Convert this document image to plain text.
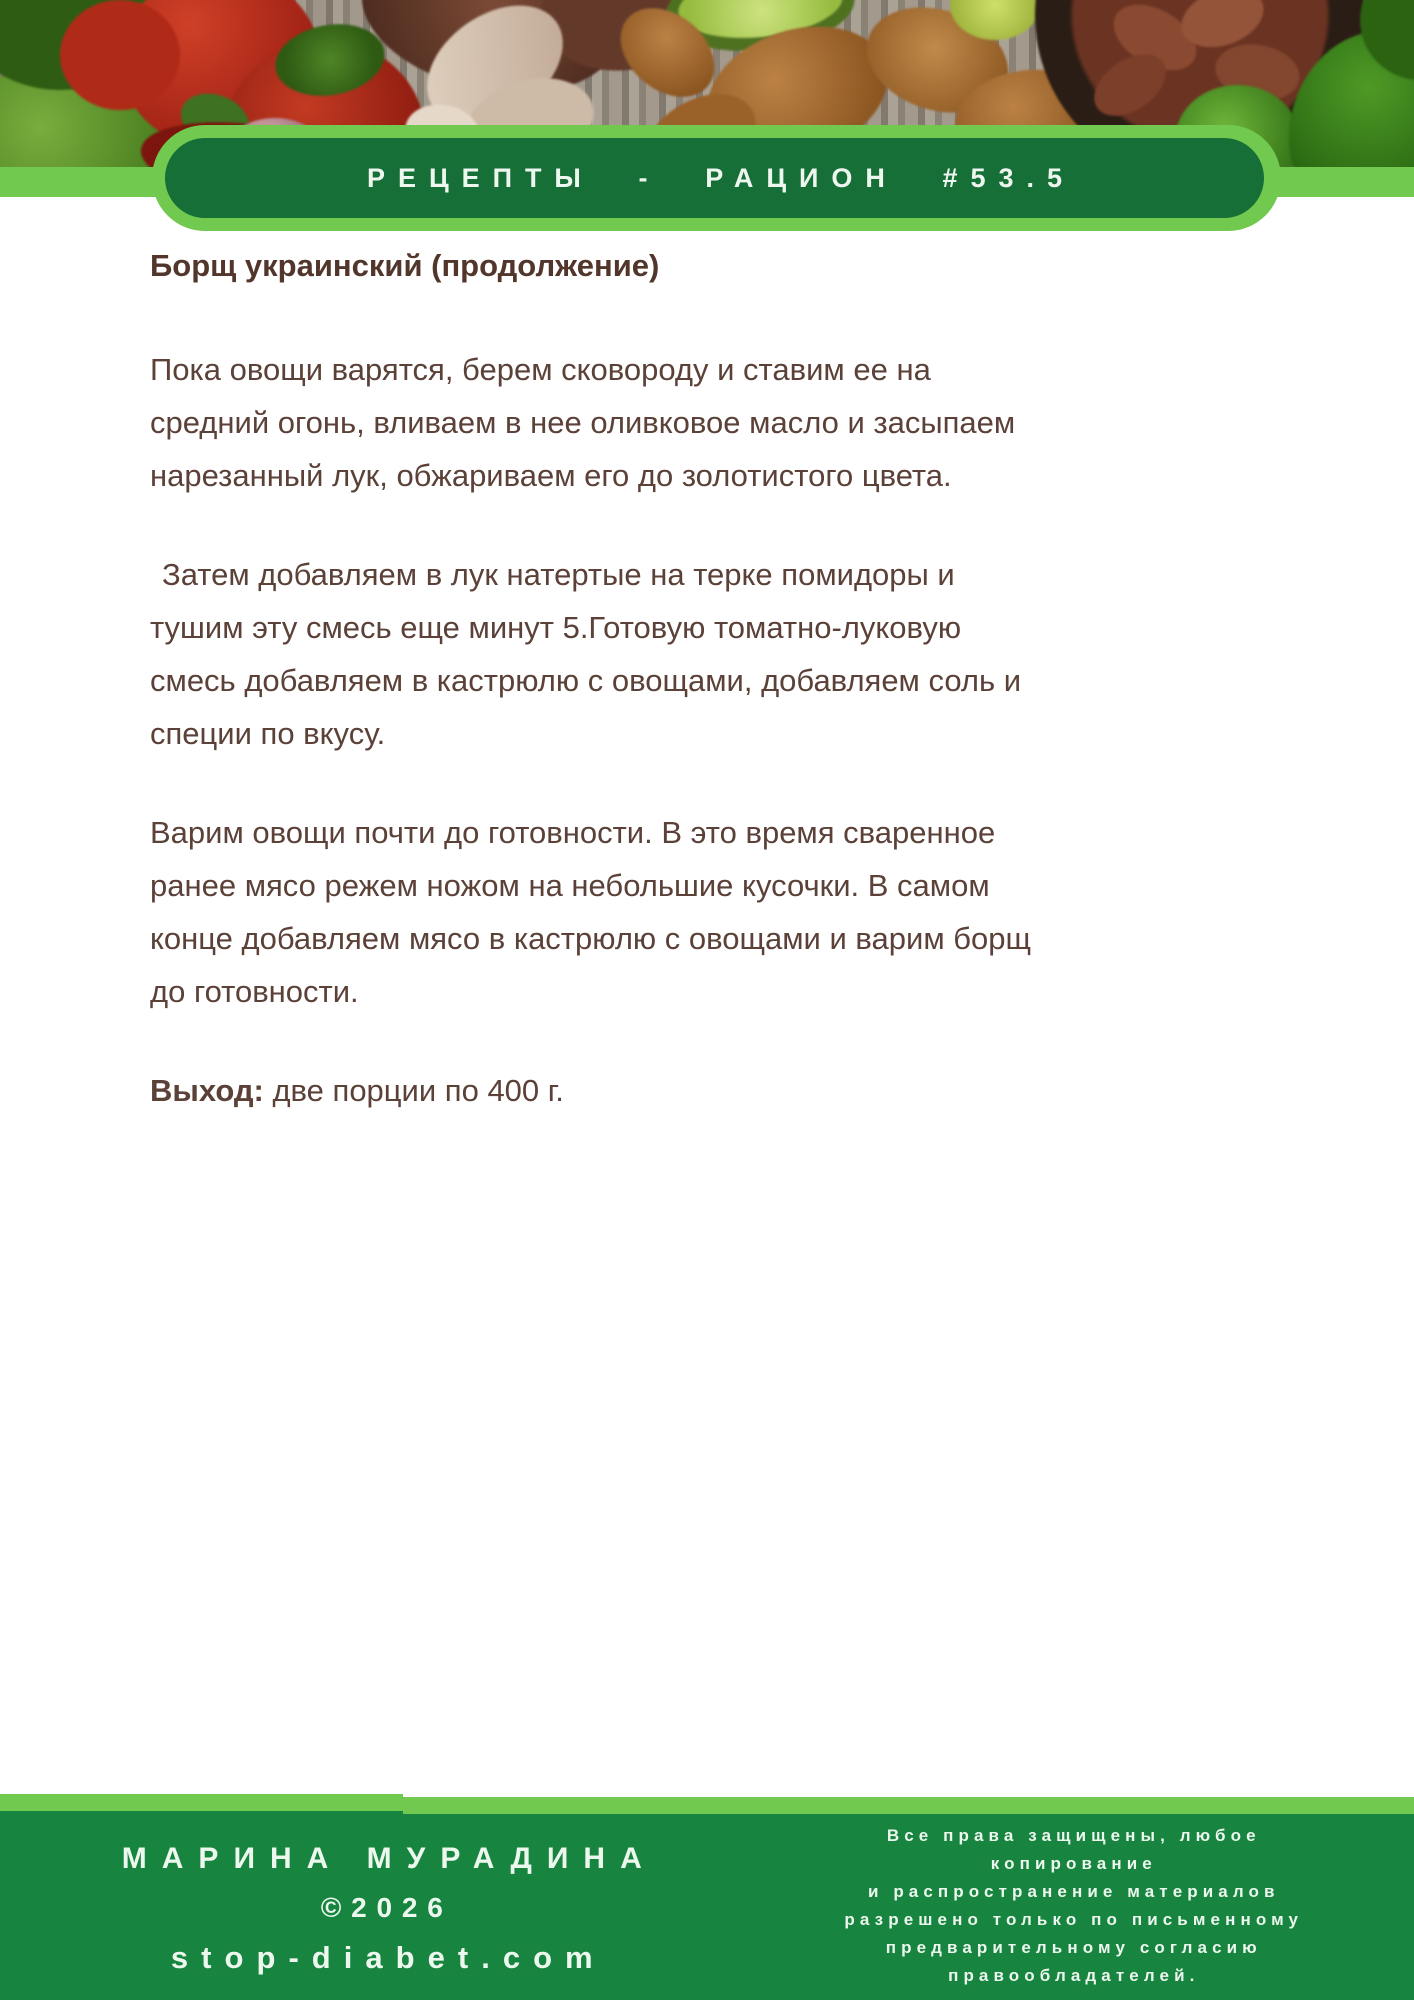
РЕЦЕПТЫ - РАЦИОН #53.5
Борщ украинский (продолжение)
Пока овощи варятся, берем сковороду и ставим ее на
средний огонь, вливаем в нее оливковое масло и засыпаем
нарезанный лук, обжариваем его до золотистого цвета.
Затем добавляем в лук натертые на терке помидоры и
тушим эту смесь еще минут 5.Готовую томатно-луковую
смесь добавляем в кастрюлю с овощами, добавляем соль и
специи по вкусу.
Варим овощи почти до готовности. В это время сваренное
ранее мясо режем ножом на небольшие кусочки. В самом
конце добавляем мясо в кастрюлю с овощами и варим борщ
до готовности.
Выход: две порции по 400 г.
МАРИНА МУРАДИНА
©2026
stop-diabet.com
Все права защищены, любое
копирование
и распространение материалов
разрешено только по письменному
предварительному согласию
правообладателей.
